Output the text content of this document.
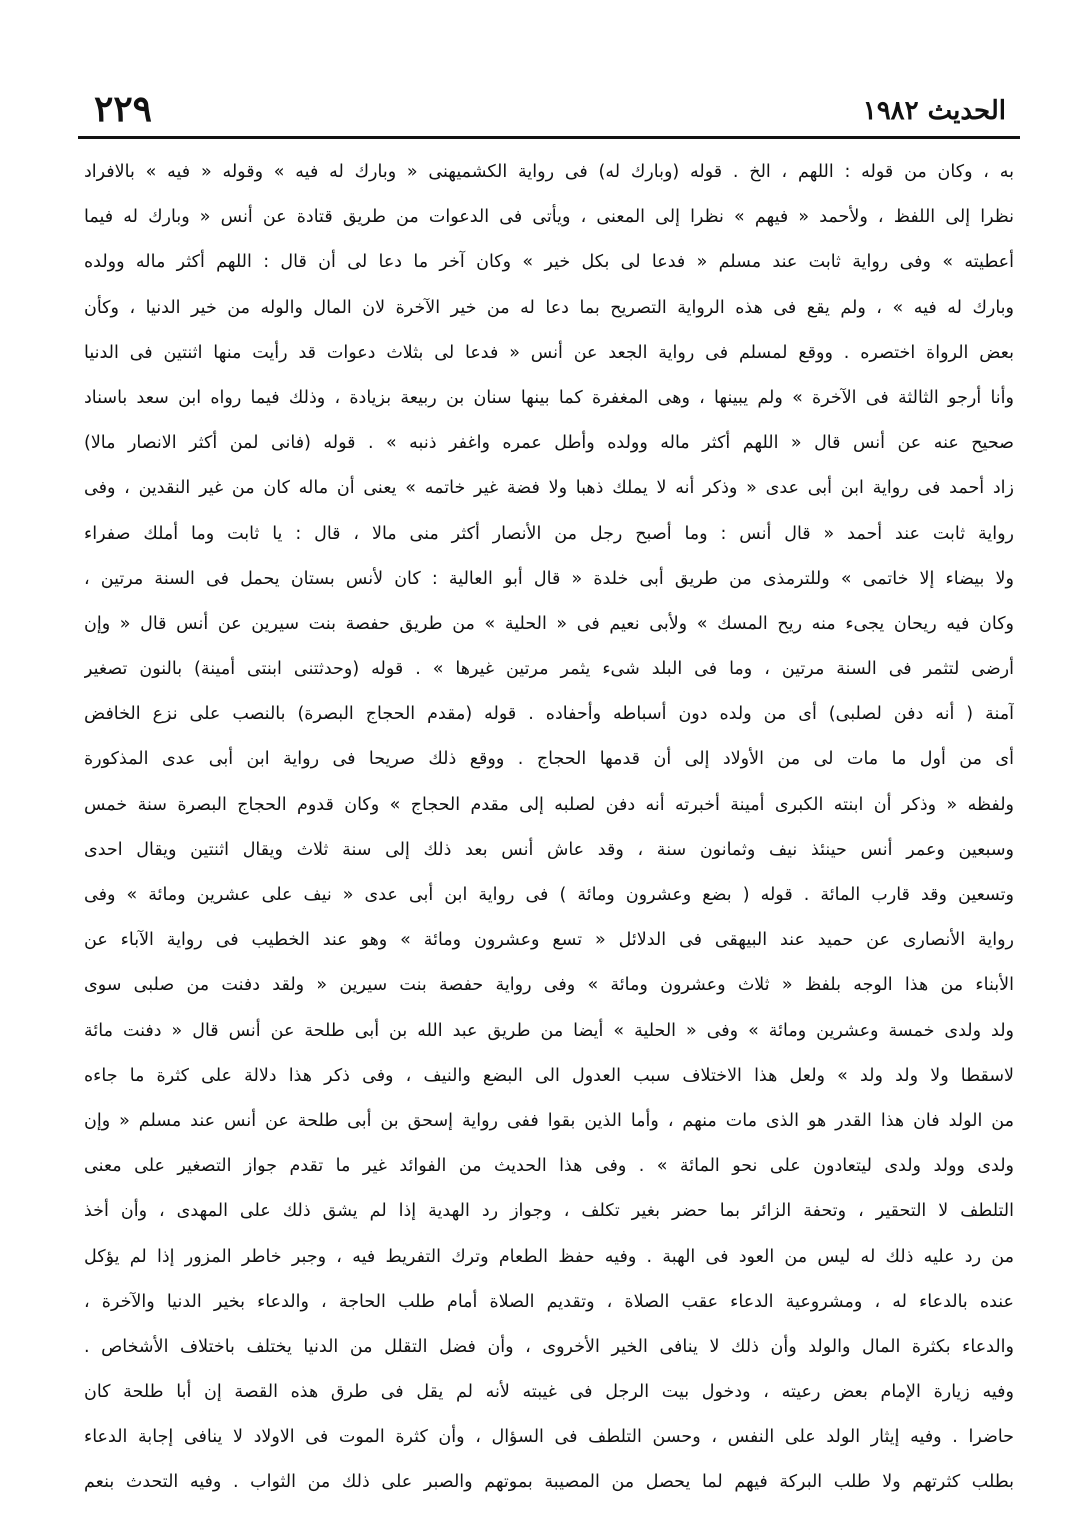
الحديث ١٩٨٢
٢٢٩
به ، وكان من قوله : اللهم ، الخ . قوله (وبارك له) فى رواية الكشميهنى « وبارك له فيه » وقوله « فيه » بالافراد
نظرا إلى اللفظ ، ولأحمد « فيهم » نظرا إلى المعنى ، ويأتى فى الدعوات من طريق قتادة عن أنس « وبارك له فيما
أعطيته » وفى رواية ثابت عند مسلم « فدعا لى بكل خير » وكان آخر ما دعا لى أن قال : اللهم أكثر ماله وولده
وبارك له فيه » ، ولم يقع فى هذه الرواية التصريح بما دعا له من خير الآخرة لان المال والوله من خير الدنيا ، وكأن
بعض الرواة اختصره . ووقع لمسلم فى رواية الجعد عن أنس « فدعا لى بثلاث دعوات قد رأيت منها اثنتين فى الدنيا
وأنا أرجو الثالثة فى الآخرة » ولم يبينها ، وهى المغفرة كما بينها سنان بن ربيعة بزيادة ، وذلك فيما رواه ابن سعد باسناد
صحيح عنه عن أنس قال « اللهم أكثر ماله وولده وأطل عمره واغفر ذنبه » . قوله (فانى لمن أكثر الانصار مالا)
زاد أحمد فى رواية ابن أبى عدى « وذكر أنه لا يملك ذهبا ولا فضة غير خاتمه » يعنى أن ماله كان من غير النقدين ، وفى
رواية ثابت عند أحمد « قال أنس : وما أصبح رجل من الأنصار أكثر منى مالا ، قال : يا ثابت وما أملك صفراء
ولا بيضاء إلا خاتمى » وللترمذى من طريق أبى خلدة « قال أبو العالية : كان لأنس بستان يحمل فى السنة مرتين ،
وكان فيه ريحان يجىء منه ريح المسك » ولأبى نعيم فى « الحلية » من طريق حفصة بنت سيرين عن أنس قال « وإن
أرضى لتثمر فى السنة مرتين ، وما فى البلد شىء يثمر مرتين غيرها » . قوله (وحدثتنى ابنتى أمينة) بالنون تصغير
آمنة ( أنه دفن لصلبى) أى من ولده دون أسباطه وأحفاده . قوله (مقدم الحجاج البصرة) بالنصب على نزع الخافض
أى من أول ما مات لى من الأولاد إلى أن قدمها الحجاج . ووقع ذلك صريحا فى رواية ابن أبى عدى المذكورة
ولفظه « وذكر أن ابنته الكبرى أمينة أخبرته أنه دفن لصلبه إلى مقدم الحجاج » وكان قدوم الحجاج البصرة سنة خمس
وسبعين وعمر أنس حينئذ نيف وثمانون سنة ، وقد عاش أنس بعد ذلك إلى سنة ثلاث ويقال اثنتين ويقال احدى
وتسعين وقد قارب المائة . قوله ( بضع وعشرون ومائة ) فى رواية ابن أبى عدى « نيف على عشرين ومائة » وفى
رواية الأنصارى عن حميد عند البيهقى فى الدلائل « تسع وعشرون ومائة » وهو عند الخطيب فى رواية الآباء عن
الأبناء من هذا الوجه بلفظ « ثلاث وعشرون ومائة » وفى رواية حفصة بنت سيرين « ولقد دفنت من صلبى سوى
ولد ولدى خمسة وعشرين ومائة » وفى « الحلية » أيضا من طريق عبد الله بن أبى طلحة عن أنس قال « دفنت مائة
لاسقطا ولا ولد ولد » ولعل هذا الاختلاف سبب العدول الى البضع والنيف ، وفى ذكر هذا دلالة على كثرة ما جاءه
من الولد فان هذا القدر هو الذى مات منهم ، وأما الذين بقوا ففى رواية إسحق بن أبى طلحة عن أنس عند مسلم « وإن
ولدى وولد ولدى ليتعادون على نحو المائة » . وفى هذا الحديث من الفوائد غير ما تقدم جواز التصغير على معنى
التلطف لا التحقير ، وتحفة الزائر بما حضر بغير تكلف ، وجواز رد الهدية إذا لم يشق ذلك على المهدى ، وأن أخذ
من رد عليه ذلك له ليس من العود فى الهبة . وفيه حفظ الطعام وترك التفريط فيه ، وجبر خاطر المزور إذا لم يؤكل
عنده بالدعاء له ، ومشروعية الدعاء عقب الصلاة ، وتقديم الصلاة أمام طلب الحاجة ، والدعاء بخير الدنيا والآخرة ،
والدعاء بكثرة المال والولد وأن ذلك لا ينافى الخير الأخروى ، وأن فضل التقلل من الدنيا يختلف باختلاف الأشخاص .
وفيه زيارة الإمام بعض رعيته ، ودخول بيت الرجل فى غيبته لأنه لم يقل فى طرق هذه القصة إن أبا طلحة كان
حاضرا . وفيه إيثار الولد على النفس ، وحسن التلطف فى السؤال ، وأن كثرة الموت فى الاولاد لا ينافى إجابة الدعاء
بطلب كثرتهم ولا طلب البركة فيهم لما يحصل من المصيبة بموتهم والصبر على ذلك من الثواب . وفيه التحدث بنعم
